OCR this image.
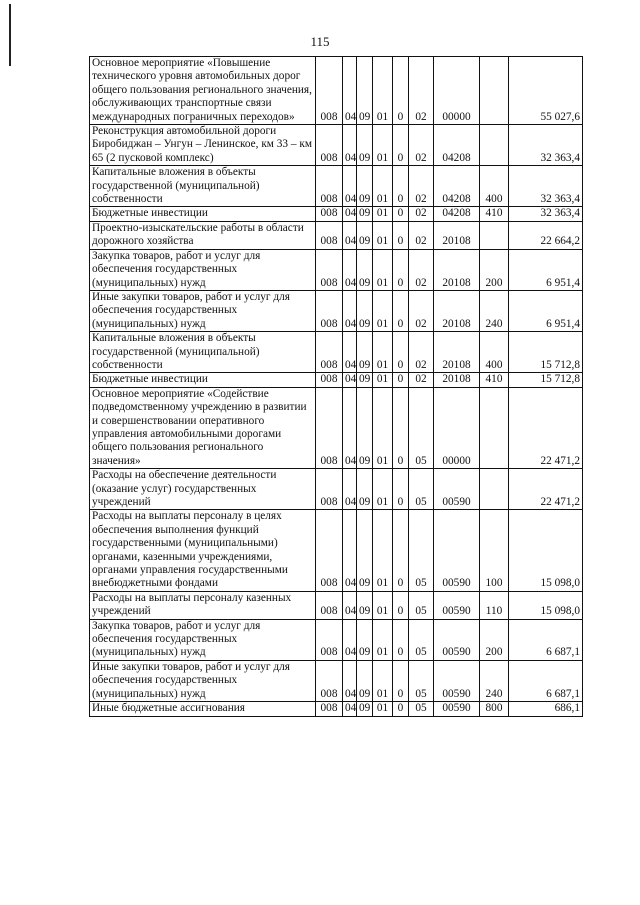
115
Основное мероприятие «Повышение технического уровня автомобильных дорог общего пользования регионального значения, обслуживающих транспортные связи международных пограничных переходов»	008	04	09	01	0	02	00000		55 027,6
Реконструкция автомобильной дороги Биробиджан – Унгун – Ленинское, км 33 – км 65 (2 пусковой комплекс)	008	04	09	01	0	02	04208		32 363,4
Капитальные вложения в объекты государственной (муниципальной) собственности	008	04	09	01	0	02	04208	400	32 363,4
Бюджетные инвестиции	008	04	09	01	0	02	04208	410	32 363,4
Проектно-изыскательские работы в области дорожного хозяйства	008	04	09	01	0	02	20108		22 664,2
Закупка товаров, работ и услуг для обеспечения государственных (муниципальных) нужд	008	04	09	01	0	02	20108	200	6 951,4
Иные закупки товаров, работ и услуг для обеспечения государственных (муниципальных) нужд	008	04	09	01	0	02	20108	240	6 951,4
Капитальные вложения в объекты государственной (муниципальной) собственности	008	04	09	01	0	02	20108	400	15 712,8
Бюджетные инвестиции	008	04	09	01	0	02	20108	410	15 712,8
Основное мероприятие «Содействие подведомственному учреждению в развитии и совершенствовании оперативного управления автомобильными дорогами общего пользования регионального значения»	008	04	09	01	0	05	00000		22 471,2
Расходы на обеспечение деятельности (оказание услуг) государственных учреждений	008	04	09	01	0	05	00590		22 471,2
Расходы на выплаты персоналу в целях обеспечения выполнения функций государственными (муниципальными) органами, казенными учреждениями, органами управления государственными внебюджетными фондами	008	04	09	01	0	05	00590	100	15 098,0
Расходы на выплаты персоналу казенных учреждений	008	04	09	01	0	05	00590	110	15 098,0
Закупка товаров, работ и услуг для обеспечения государственных (муниципальных) нужд	008	04	09	01	0	05	00590	200	6 687,1
Иные закупки товаров, работ и услуг для обеспечения государственных (муниципальных) нужд	008	04	09	01	0	05	00590	240	6 687,1
Иные бюджетные ассигнования	008	04	09	01	0	05	00590	800	686,1
